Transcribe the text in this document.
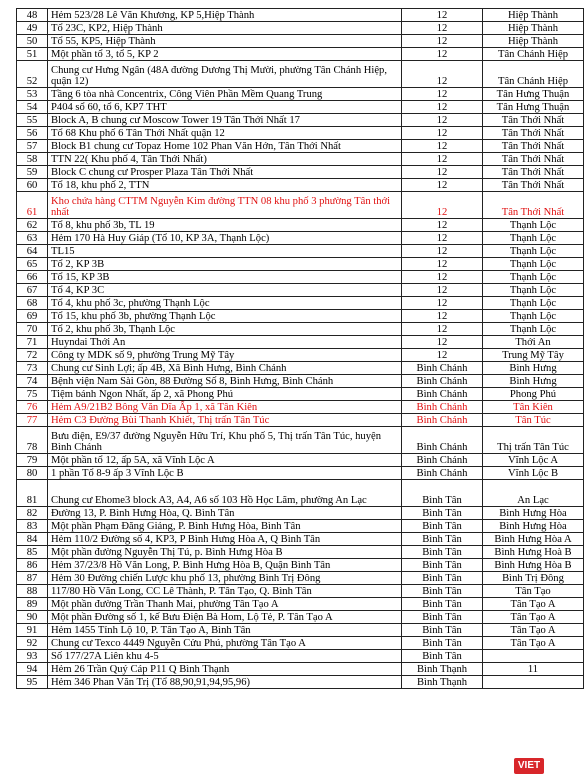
48	Hẻm 523/28 Lê Văn Khương, KP 5,Hiệp Thành	12	Hiệp Thành
49	Tổ 23C, KP2, Hiệp Thành	12	Hiệp Thành
50	Tổ 55, KP5, Hiệp Thành	12	Hiệp Thành
51	Một phần tổ 3, tổ 5, KP 2	12	Tân Chánh Hiệp
52	Chung cư Hưng Ngân (48A đường Dương Thị Mười, phường Tân Chánh Hiệp, quận 12)	12	Tân Chánh Hiệp
53	Tầng 6 tòa nhà Concentrix, Công Viên Phần Mềm Quang Trung	12	Tân Hưng Thuận
54	P404 sổ 60, tổ 6, KP7 THT	12	Tân Hưng Thuận
55	Block A, B chung cư Moscow Tower 19 Tân Thới Nhất 17	12	Tân Thới Nhất
56	Tổ 68 Khu phố 6 Tân Thới Nhất quận 12	12	Tân Thới Nhất
57	Block B1 chung cư Topaz Home 102 Phan Văn Hớn, Tân Thới Nhất	12	Tân Thới Nhất
58	TTN 22( Khu phố 4, Tân Thới Nhất)	12	Tân Thới Nhất
59	Block C chung cư Prosper Plaza Tân Thới Nhất	12	Tân Thới Nhất
60	Tổ 18, khu phố 2, TTN	12	Tân Thới Nhất
61	Kho chứa hàng CTTM Nguyễn Kim đường TTN 08 khu phố 3 phường Tân thới nhất	12	Tân Thới Nhất
62	Tổ 8, khu phố 3b, TL 19	12	Thạnh Lộc
63	Hẻm 170 Hà Huy Giáp (Tổ 10, KP 3A, Thạnh Lộc)	12	Thạnh Lộc
64	TL15	12	Thạnh Lộc
65	Tổ 2, KP 3B	12	Thạnh Lộc
66	Tổ 15, KP 3B	12	Thạnh Lộc
67	Tổ 4, KP 3C	12	Thạnh Lộc
68	Tổ 4, khu phố 3c, phường Thạnh Lộc	12	Thạnh Lộc
69	Tổ 15, khu phố 3b, phường Thạnh Lộc	12	Thạnh Lộc
70	Tổ 2, khu phố 3b, Thạnh Lộc	12	Thạnh Lộc
71	Huyndai Thới An	12	Thới An
72	Công ty MDK số 9, phường Trung Mỹ Tây	12	Trung Mỹ Tây
73	Chung cư Sinh Lợi; ấp 4B, Xã Bình Hưng, Bình Chánh	Bình Chánh	Bình Hưng
74	Bệnh viện Nam Sài Gòn, 88 Đường Số 8, Bình Hưng, Bình Chánh	Bình Chánh	Bình Hưng
75	Tiệm bánh Ngon Nhất, ấp 2, xã Phong Phú	Bình Chánh	Phong Phú
76	Hẻm A9/21B2 Bông Văn Dĩa Ấp 1, xã Tân Kiên	Bình Chánh	Tân Kiên
77	Hẻm C3 Đường Bùi Thanh Khiết, Thị trấn Tân Túc	Bình Chánh	Tân Túc
78	Bưu điện, E9/37 đường Nguyễn Hữu Trí, Khu phố 5, Thị trấn Tân Túc, huyện Bình Chánh	Bình Chánh	Thị trấn Tân Túc
79	Một phần tổ 12, ấp 5A, xã Vĩnh Lộc A	Bình Chánh	Vĩnh Lộc A
80	1 phần Tổ 8-9 ấp 3 Vĩnh Lộc B	Bình Chánh	Vĩnh Lộc B
81	Chung cư Ehome3 block A3, A4, A6 số 103 Hồ Học Lãm, phường An Lạc	Bình Tân	An Lạc
82	Đường 13, P. Bình Hưng Hòa, Q. Bình Tân	Bình Tân	Bình Hưng Hòa
83	Một phần Phạm Đăng Giảng, P. Bình Hưng Hòa, Bình Tân	Bình Tân	Bình Hưng Hòa
84	Hẻm 110/2 Đường số 4, KP3, P Bình Hưng Hòa A, Q Bình Tân	Bình Tân	Bình Hưng Hòa A
85	Một phần đường Nguyễn Thị Tú, p. Bình Hưng Hòa B	Bình Tân	Bình Hưng Hoà B
86	Hẻm 37/23/8 Hồ Văn Long, P. Bình Hưng Hòa B, Quận Bình Tân	Bình Tân	Bình Hưng Hòa B
87	Hẻm 30 Đường chiến Lược khu phố 13, phường Bình Trị Đông	Bình Tân	Bình Trị Đông
88	117/80 Hồ Văn Long, CC Lê Thành, P. Tân Tạo, Q. Bình Tân	Bình Tân	Tân Tạo
89	Một phần đường Trần Thanh Mai, phường Tân Tạo A	Bình Tân	Tân Tạo A
90	Một phần Đường số 1, kế Bưu Điện Bà Hom, Lộ Tẻ, P. Tân Tạo A	Bình Tân	Tân Tạo A
91	Hẻm 1455 Tỉnh Lộ 10, P. Tân Tạo A, Bình Tân	Bình Tân	Tân Tạo A
92	Chung cư Texco 4449 Nguyễn Cửu Phú, phường Tân Tạo A	Bình Tân	Tân Tạo A
93	Số 177/27A Liên khu 4-5	Bình Tân	
94	Hẻm 26 Trần Quý Cáp P11 Q Bình Thạnh	Bình Thạnh	11
95	Hẻm 346 Phan Văn Trị (Tổ 88,90,91,94,95,96)	Bình Thạnh	
VIET
